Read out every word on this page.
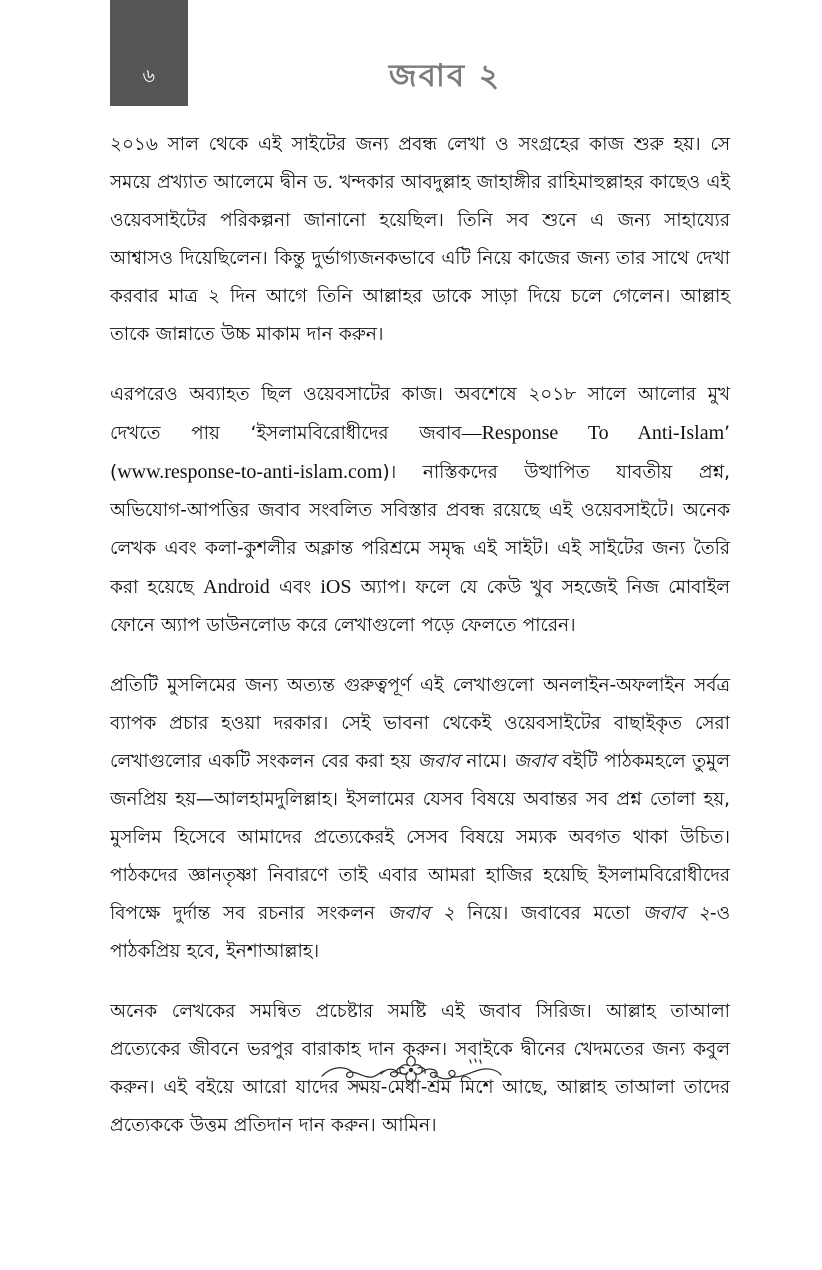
৬	জবাব ২

২০১৬ সাল থেকে এই সাইটের জন্য প্রবন্ধ লেখা ও সংগ্রহের কাজ শুরু হয়। সে সময়ে প্রখ্যাত আলেমে দ্বীন ড. খন্দকার আবদুল্লাহ জাহাঙ্গীর রাহিমাহুল্লাহর কাছেও এই ওয়েবসাইটের পরিকল্পনা জানানো হয়েছিল। তিনি সব শুনে এ জন্য সাহায্যের আশ্বাসও দিয়েছিলেন। কিন্তু দুর্ভাগ্যজনকভাবে এটি নিয়ে কাজের জন্য তার সাথে দেখা করবার মাত্র ২ দিন আগে তিনি আল্লাহর ডাকে সাড়া দিয়ে চলে গেলেন। আল্লাহ তাকে জান্নাতে উচ্চ মাকাম দান করুন।

এরপরেও অব্যাহত ছিল ওয়েবসাটের কাজ। অবশেষে ২০১৮ সালে আলোর মুখ দেখতে পায় ‘ইসলামবিরোধীদের জবাব—Response To Anti-Islam’ (www.response-to-anti-islam.com)। নাস্তিকদের উত্থাপিত যাবতীয় প্রশ্ন, অভিযোগ-আপত্তির জবাব সংবলিত সবিস্তার প্রবন্ধ রয়েছে এই ওয়েবসাইটে। অনেক লেখক এবং কলা-কুশলীর অক্লান্ত পরিশ্রমে সমৃদ্ধ এই সাইট। এই সাইটের জন্য তৈরি করা হয়েছে Android এবং iOS অ্যাপ। ফলে যে কেউ খুব সহজেই নিজ মোবাইল ফোনে অ্যাপ ডাউনলোড করে লেখাগুলো পড়ে ফেলতে পারেন।

প্রতিটি মুসলিমের জন্য অত্যন্ত গুরুত্বপূর্ণ এই লেখাগুলো অনলাইন-অফলাইন সর্বত্র ব্যাপক প্রচার হওয়া দরকার। সেই ভাবনা থেকেই ওয়েবসাইটের বাছাইকৃত সেরা লেখাগুলোর একটি সংকলন বের করা হয় জবাব নামে। জবাব বইটি পাঠকমহলে তুমুল জনপ্রিয় হয়—আলহামদুলিল্লাহ। ইসলামের যেসব বিষয়ে অবান্তর সব প্রশ্ন তোলা হয়, মুসলিম হিসেবে আমাদের প্রত্যেকেরই সেসব বিষয়ে সম্যক অবগত থাকা উচিত। পাঠকদের জ্ঞানতৃষ্ণা নিবারণে তাই এবার আমরা হাজির হয়েছি ইসলামবিরোধীদের বিপক্ষে দুর্দান্ত সব রচনার সংকলন জবাব ২ নিয়ে। জবাবের মতো জবাব ২-ও পাঠকপ্রিয় হবে, ইনশাআল্লাহ।

অনেক লেখকের সমন্বিত প্রচেষ্টার সমষ্টি এই জবাব সিরিজ। আল্লাহ তাআলা প্রত্যেকের জীবনে ভরপুর বারাকাহ দান করুন। সবাইকে দ্বীনের খেদমতের জন্য কবুল করুন। এই বইয়ে আরো যাদের সময়-মেধা-শ্রম মিশে আছে, আল্লাহ তাআলা তাদের প্রত্যেককে উত্তম প্রতিদান দান করুন। আমিন।
